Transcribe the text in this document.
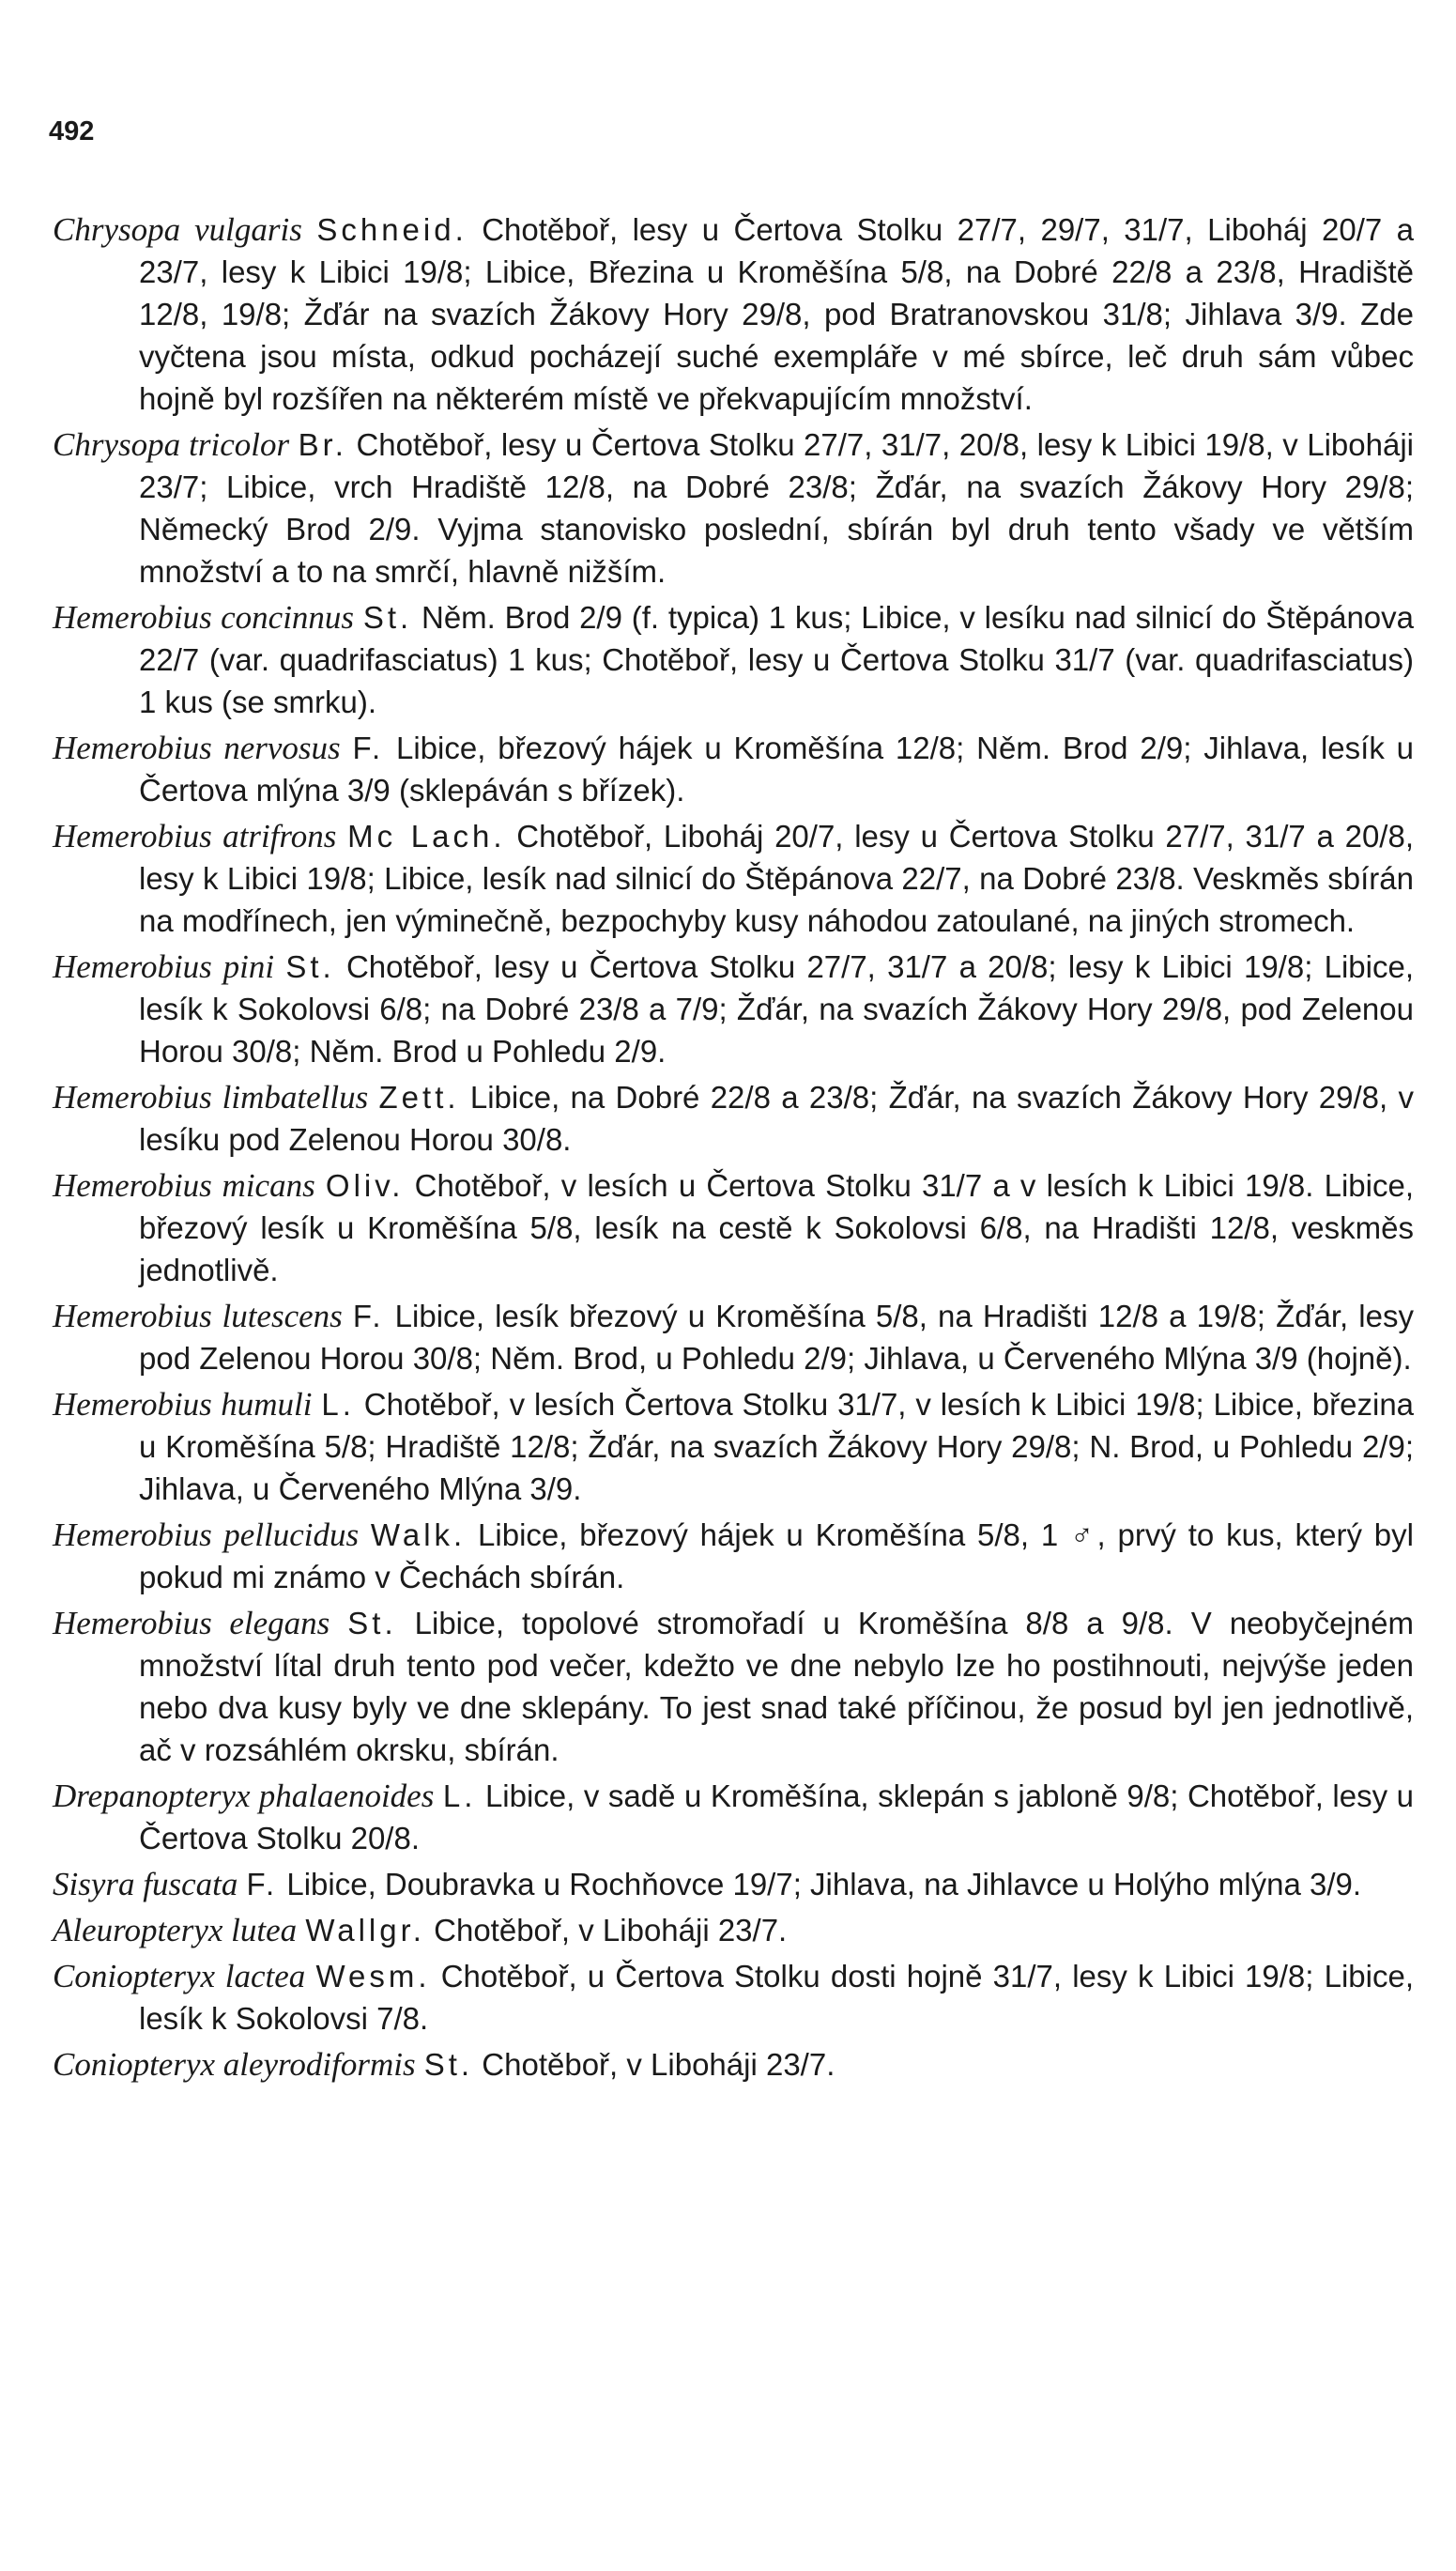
492

Chrysopa vulgaris Schneid. Chotěboř, lesy u Čertova Stolku 27/7, 29/7, 31/7, Liboháj 20/7 a 23/7, lesy k Libici 19/8; Libice, Březina u Kroměšína 5/8, na Dobré 22/8 a 23/8, Hradiště 12/8, 19/8; Žďár na svazích Žákovy Hory 29/8, pod Bratranovskou 31/8; Jihlava 3/9. Zde vyčtena jsou místa, odkud pocházejí suché exempláře v mé sbírce, leč druh sám vůbec hojně byl rozšířen na některém místě ve překvapujícím množství.

Chrysopa tricolor Br. Chotěboř, lesy u Čertova Stolku 27/7, 31/7, 20/8, lesy k Libici 19/8, v Liboháji 23/7; Libice, vrch Hradiště 12/8, na Dobré 23/8; Žďár, na svazích Žákovy Hory 29/8; Německý Brod 2/9. Vyjma stanovisko poslední, sbírán byl druh tento všady ve větším množství a to na smrčí, hlavně nižším.

Hemerobius concinnus St. Něm. Brod 2/9 (f. typica) 1 kus; Libice, v lesíku nad silnicí do Štěpánova 22/7 (var. quadrifasciatus) 1 kus; Chotěboř, lesy u Čertova Stolku 31/7 (var. quadrifasciatus) 1 kus (se smrku).

Hemerobius nervosus F. Libice, březový hájek u Kroměšína 12/8; Něm. Brod 2/9; Jihlava, lesík u Čertova mlýna 3/9 (sklepáván s břízek).

Hemerobius atrifrons Mc Lach. Chotěboř, Liboháj 20/7, lesy u Čertova Stolku 27/7, 31/7 a 20/8, lesy k Libici 19/8; Libice, lesík nad silnicí do Štěpánova 22/7, na Dobré 23/8. Veskměs sbírán na modřínech, jen výminečně, bezpochyby kusy náhodou zatoulané, na jiných stromech.

Hemerobius pini St. Chotěboř, lesy u Čertova Stolku 27/7, 31/7 a 20/8; lesy k Libici 19/8; Libice, lesík k Sokolovsi 6/8; na Dobré 23/8 a 7/9; Žďár, na svazích Žákovy Hory 29/8, pod Zelenou Horou 30/8; Něm. Brod u Pohledu 2/9.

Hemerobius limbatellus Zett. Libice, na Dobré 22/8 a 23/8; Žďár, na svazích Žákovy Hory 29/8, v lesíku pod Zelenou Horou 30/8.

Hemerobius micans Oliv. Chotěboř, v lesích u Čertova Stolku 31/7 a v lesích k Libici 19/8. Libice, březový lesík u Kroměšína 5/8, lesík na cestě k Sokolovsi 6/8, na Hradišti 12/8, veskměs jednotlivě.

Hemerobius lutescens F. Libice, lesík březový u Kroměšína 5/8, na Hradišti 12/8 a 19/8; Žďár, lesy pod Zelenou Horou 30/8; Něm. Brod, u Pohledu 2/9; Jihlava, u Červeného Mlýna 3/9 (hojně).

Hemerobius humuli L. Chotěboř, v lesích Čertova Stolku 31/7, v lesích k Libici 19/8; Libice, březina u Kroměšína 5/8; Hradiště 12/8; Žďár, na svazích Žákovy Hory 29/8; N. Brod, u Pohledu 2/9; Jihlava, u Červeného Mlýna 3/9.

Hemerobius pellucidus Walk. Libice, březový hájek u Kroměšína 5/8, 1 ♂, prvý to kus, který byl pokud mi známo v Čechách sbírán.

Hemerobius elegans St. Libice, topolové stromořadí u Kroměšína 8/8 a 9/8. V neobyčejném množství lítal druh tento pod večer, kdežto ve dne nebylo lze ho postihnouti, nejvýše jeden nebo dva kusy byly ve dne sklepány. To jest snad také příčinou, že posud byl jen jednotlivě, ač v rozsáhlém okrsku, sbírán.

Drepanopteryx phalaenoides L. Libice, v sadě u Kroměšína, sklepán s jabloně 9/8; Chotěboř, lesy u Čertova Stolku 20/8.

Sisyra fuscata F. Libice, Doubravka u Rochňovce 19/7; Jihlava, na Jihlavce u Holýho mlýna 3/9.

Aleuropteryx lutea Wallgr. Chotěboř, v Liboháji 23/7.

Coniopteryx lactea Wesm. Chotěboř, u Čertova Stolku dosti hojně 31/7, lesy k Libici 19/8; Libice, lesík k Sokolovsi 7/8.

Coniopteryx aleyrodiformis St. Chotěboř, v Liboháji 23/7.
